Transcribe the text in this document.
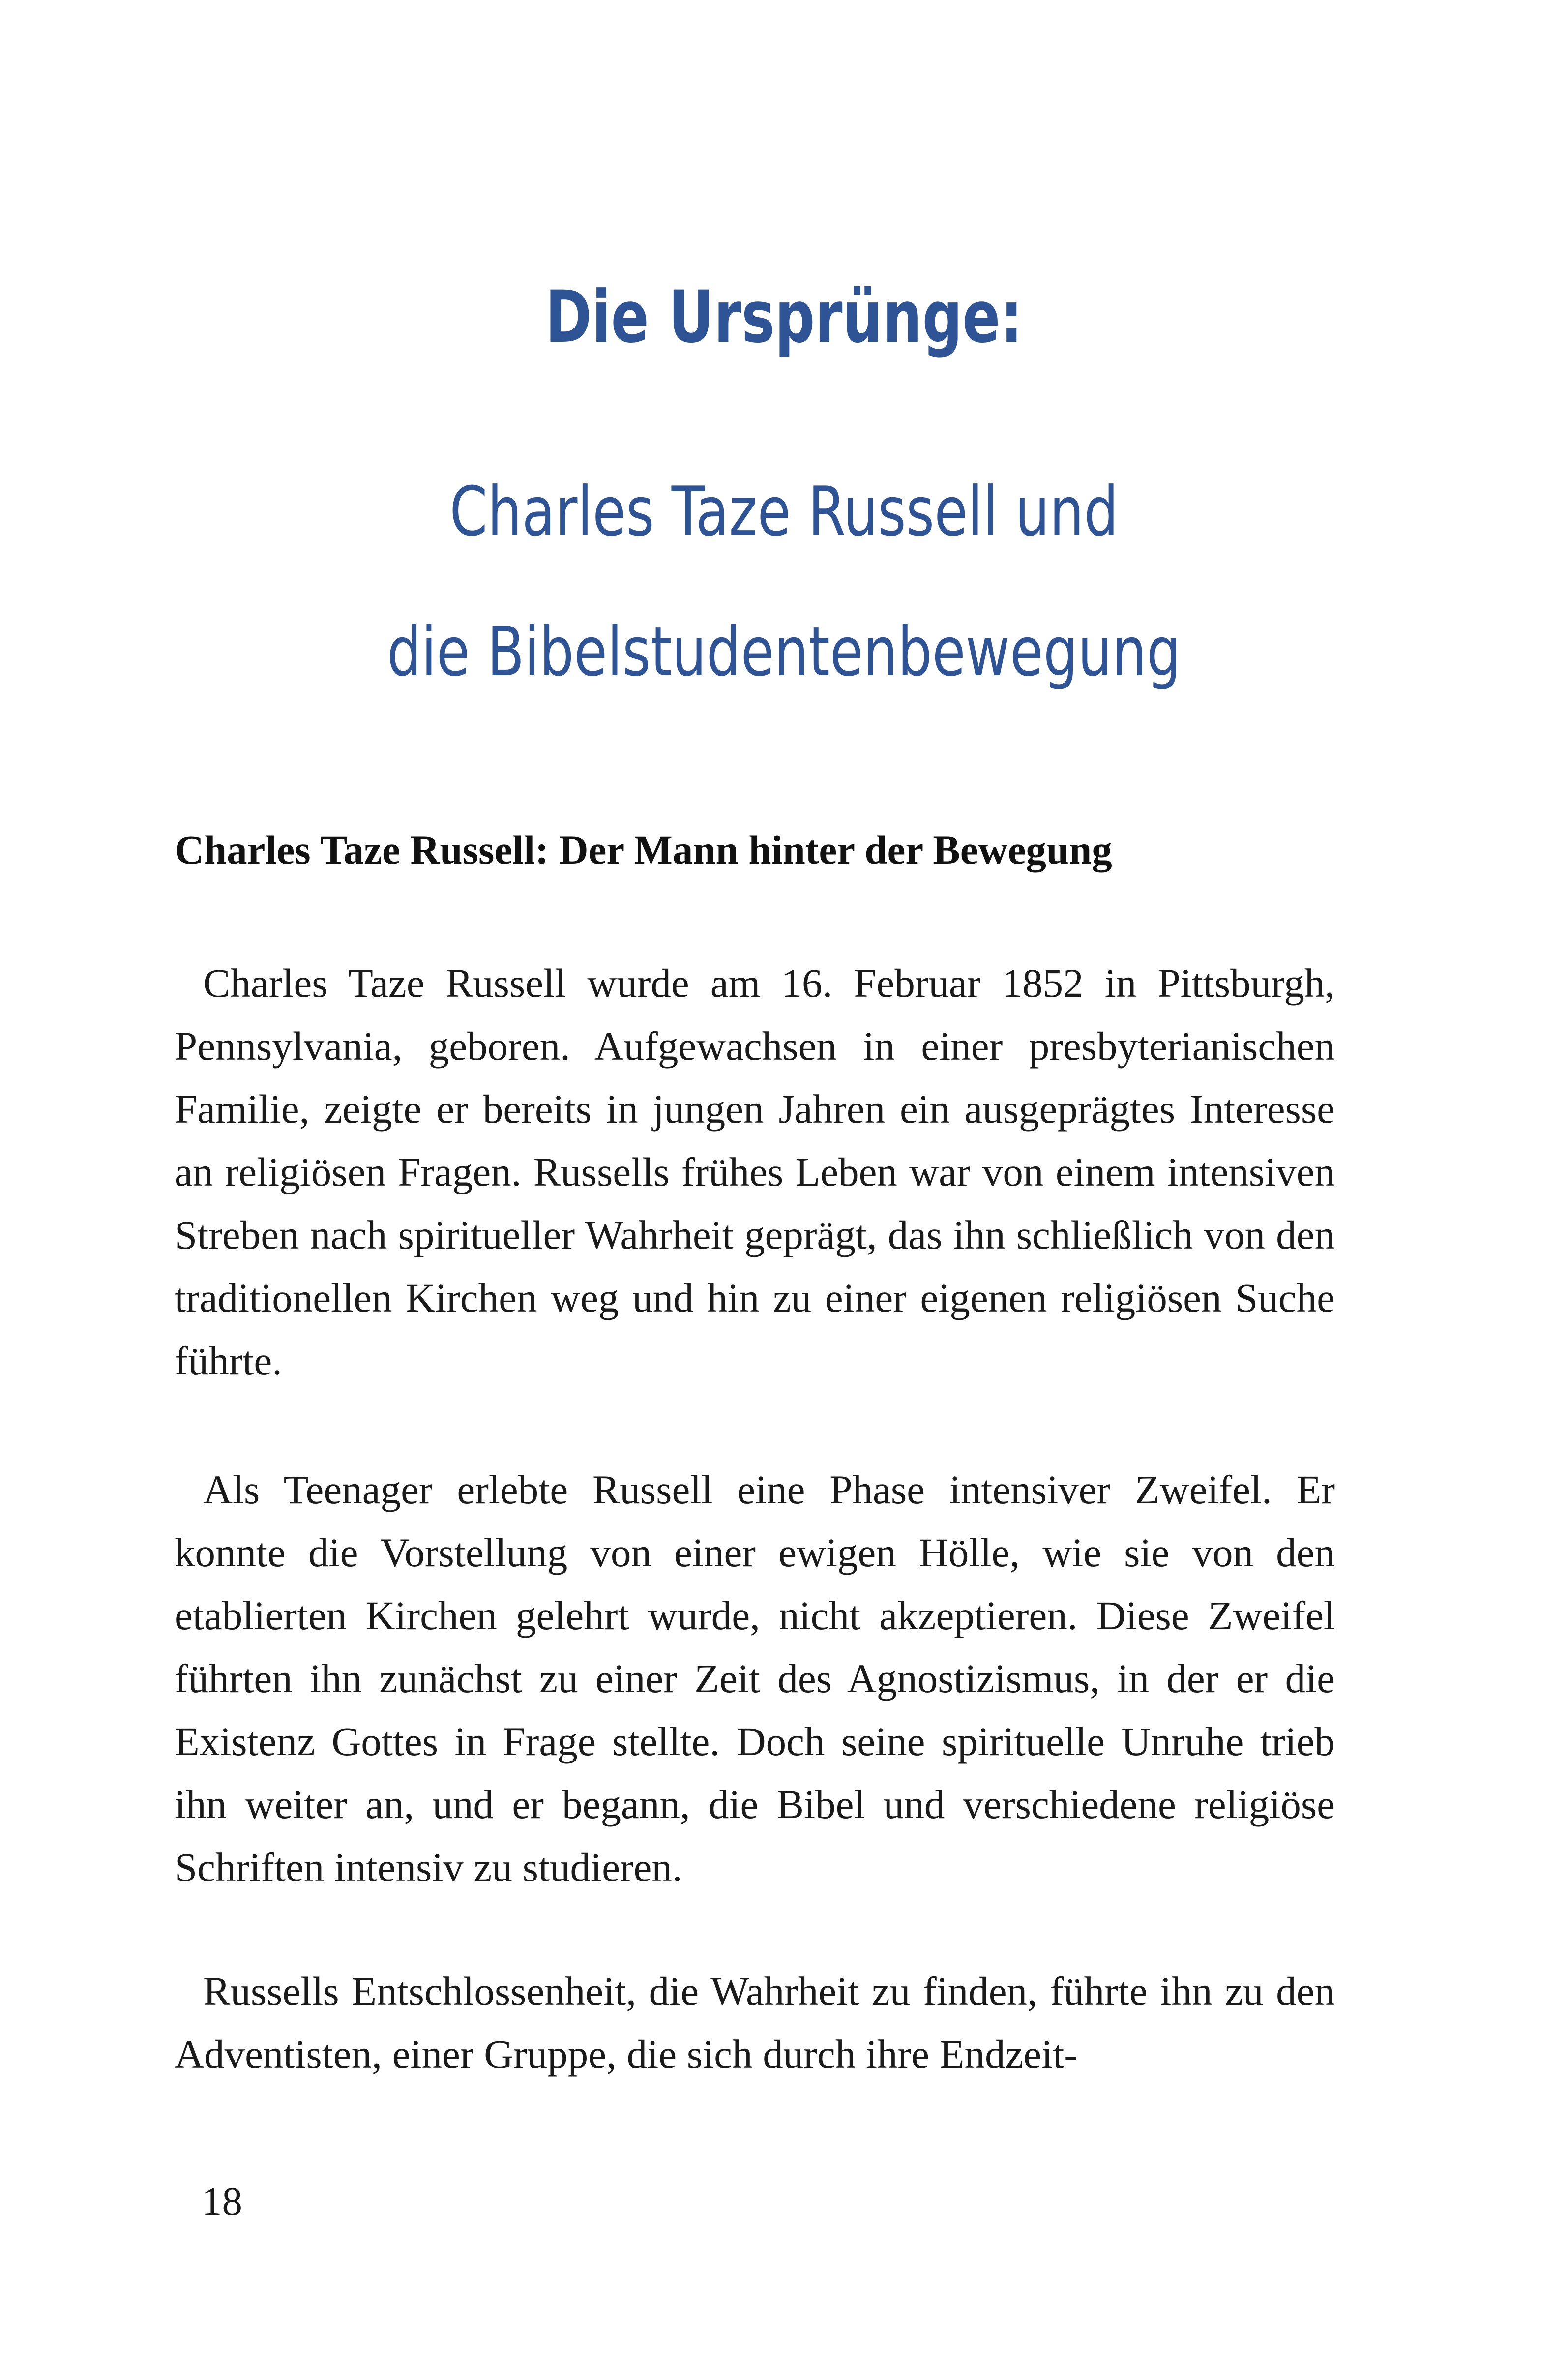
Die Ursprünge:
Charles Taze Russell und
die Bibelstudentenbewegung
Charles Taze Russell: Der Mann hinter der Bewegung

Charles Taze Russell wurde am 16. Februar 1852 in Pittsburgh, Pennsylvania, geboren. Aufgewachsen in einer presbyterianischen Familie, zeigte er bereits in jungen Jahren ein ausgeprägtes Interesse an religiösen Fragen. Russells frühes Leben war von einem intensiven Streben nach spiritueller Wahrheit geprägt, das ihn schließlich von den traditionellen Kirchen weg und hin zu einer eigenen religiösen Suche führte.

Als Teenager erlebte Russell eine Phase intensiver Zweifel. Er konnte die Vorstellung von einer ewigen Hölle, wie sie von den etablierten Kirchen gelehrt wurde, nicht akzeptieren. Diese Zweifel führten ihn zunächst zu einer Zeit des Agnostizismus, in der er die Existenz Gottes in Frage stellte. Doch seine spirituelle Unruhe trieb ihn weiter an, und er begann, die Bibel und verschiedene religiöse Schriften intensiv zu studieren.

Russells Entschlossenheit, die Wahrheit zu finden, führte ihn zu den Adventisten, einer Gruppe, die sich durch ihre Endzeit-

18
